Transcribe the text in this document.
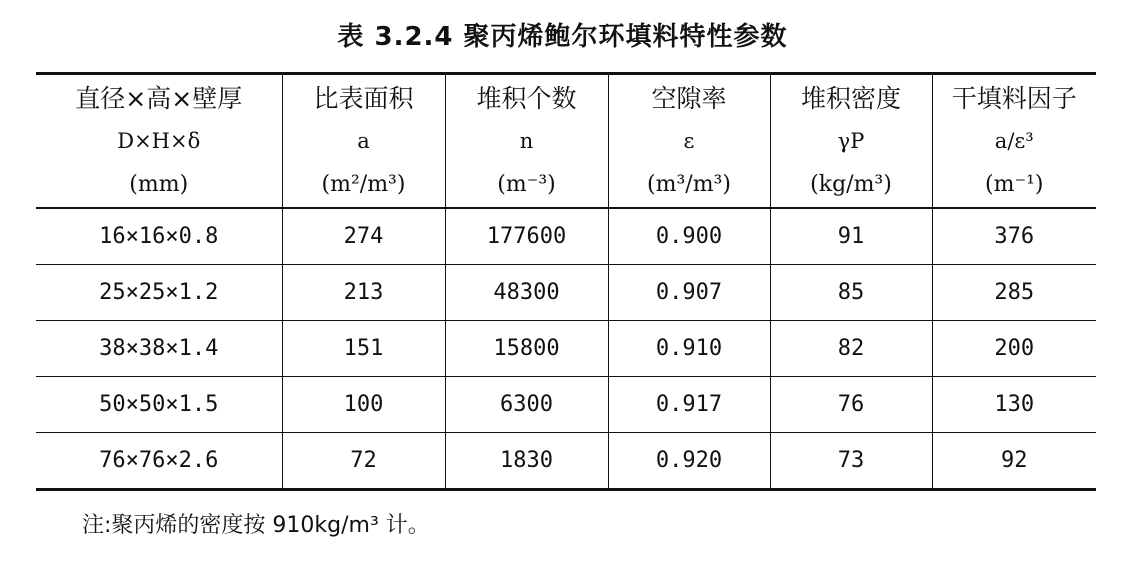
表 3.2.4 聚丙烯鲍尔环填料特性参数
直径×高×壁厚	比表面积	堆积个数	空隙率	堆积密度	干填料因子
D×H×δ	a	n	ε	γP	a/ε³
(mm)	(m²/m³)	(m⁻³)	(m³/m³)	(kg/m³)	(m⁻¹)
16×16×0.8	274	177600	0.900	91	376
25×25×1.2	213	48300	0.907	85	285
38×38×1.4	151	15800	0.910	82	200
50×50×1.5	100	6300	0.917	76	130
76×76×2.6	72	1830	0.920	73	92
注:聚丙烯的密度按 910kg/m³ 计。
